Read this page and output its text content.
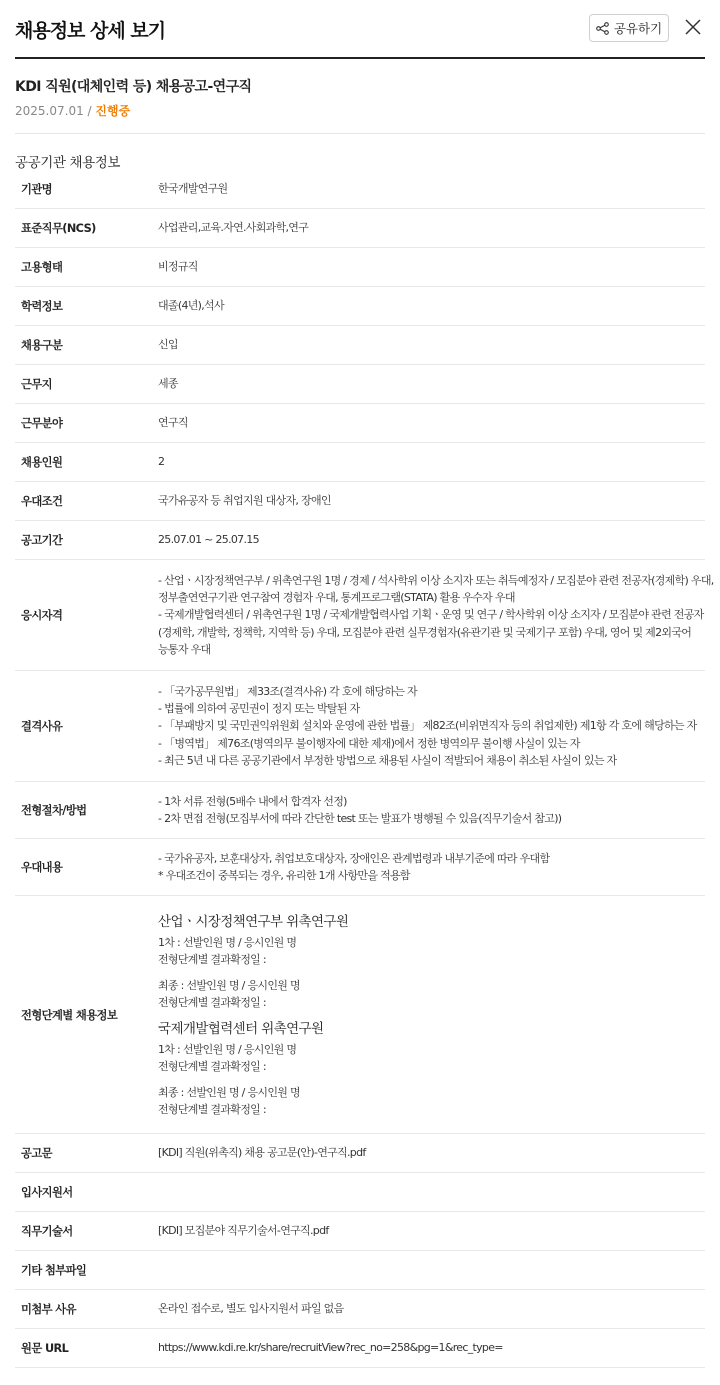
채용정보 상세 보기	공유하기
KDI 직원(대체인력 등) 채용공고-연구직
2025.07.01 / 진행중
공공기관 채용정보
기관명	한국개발연구원
표준직무(NCS)	사업관리,교육.자연.사회과학,연구
고용형태	비정규직
학력정보	대졸(4년),석사
채용구분	신입
근무지	세종
근무분야	연구직
채용인원	2
우대조건	국가유공자 등 취업지원 대상자, 장애인
공고기간	25.07.01 ~ 25.07.15
응시자격
- 산업ㆍ시장정책연구부 / 위촉연구원 1명 / 경제 / 석사학위 이상 소지자 또는 취득예정자 / 모집분야 관련 전공자(경제학) 우대,
정부출연연구기관 연구참여 경험자 우대, 통계프로그램(STATA) 활용 우수자 우대
- 국제개발협력센터 / 위촉연구원 1명 / 국제개발협력사업 기획ㆍ운영 및 연구 / 학사학위 이상 소지자 / 모집분야 관련 전공자
(경제학, 개발학, 정책학, 지역학 등) 우대, 모집분야 관련 실무경험자(유관기관 및 국제기구 포함) 우대, 영어 및 제2외국어
능통자 우대
결격사유
- 「국가공무원법」 제33조(결격사유) 각 호에 해당하는 자
- 법률에 의하여 공민권이 정지 또는 박탈된 자
- 「부패방지 및 국민권익위원회 설치와 운영에 관한 법률」 제82조(비위면직자 등의 취업제한) 제1항 각 호에 해당하는 자
- 「병역법」 제76조(병역의무 불이행자에 대한 제재)에서 정한 병역의무 불이행 사실이 있는 자
- 최근 5년 내 다른 공공기관에서 부정한 방법으로 채용된 사실이 적발되어 채용이 취소된 사실이 있는 자
전형절차/방법
- 1차 서류 전형(5배수 내에서 합격자 선정)
- 2차 면접 전형(모집부서에 따라 간단한 test 또는 발표가 병행될 수 있음(직무기술서 참고))
우대내용
- 국가유공자, 보훈대상자, 취업보호대상자, 장애인은 관계법령과 내부기준에 따라 우대함
* 우대조건이 중복되는 경우, 유리한 1개 사항만을 적용함
전형단계별 채용정보
산업ㆍ시장정책연구부 위촉연구원
1차 : 선발인원 명 / 응시인원 명
전형단계별 결과확정일 :
최종 : 선발인원 명 / 응시인원 명
전형단계별 결과확정일 :
국제개발협력센터 위촉연구원
1차 : 선발인원 명 / 응시인원 명
전형단계별 결과확정일 :
최종 : 선발인원 명 / 응시인원 명
전형단계별 결과확정일 :
공고문	[KDI] 직원(위촉직) 채용 공고문(안)-연구직.pdf
입사지원서
직무기술서	[KDI] 모집분야 직무기술서-연구직.pdf
기타 첨부파일
미첨부 사유	온라인 접수로, 별도 입사지원서 파일 없음
원문 URL	https://www.kdi.re.kr/share/recruitView?rec_no=258&pg=1&rec_type=
